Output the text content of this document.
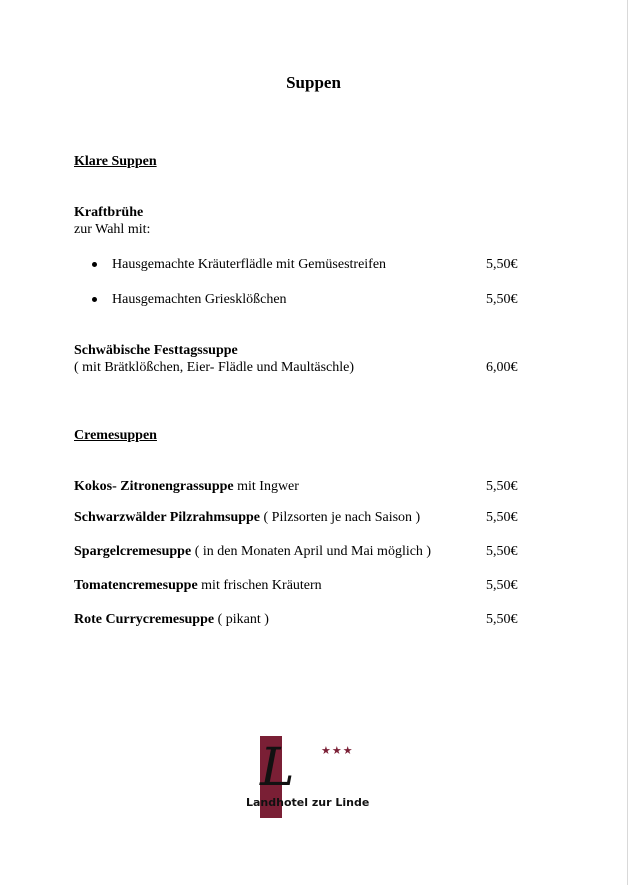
Suppen
Klare Suppen
Kraftbrühe
zur Wahl mit:
Hausgemachte Kräuterflädle mit Gemüsestreifen	5,50€
Hausgemachten Griesklößchen	5,50€
Schwäbische Festtagssuppe
( mit Brätklößchen, Eier- Flädle und Maultäschle)	6,00€
Cremesuppen
Kokos- Zitronengrassuppe mit Ingwer	5,50€
Schwarzwälder Pilzrahmsuppe ( Pilzsorten je nach Saison )	5,50€
Spargelcremesuppe ( in den Monaten April und Mai möglich )	5,50€
Tomatencremesuppe mit frischen Kräutern	5,50€
Rote Currycremesuppe ( pikant )	5,50€
L ★★★
Landhotel zur Linde
